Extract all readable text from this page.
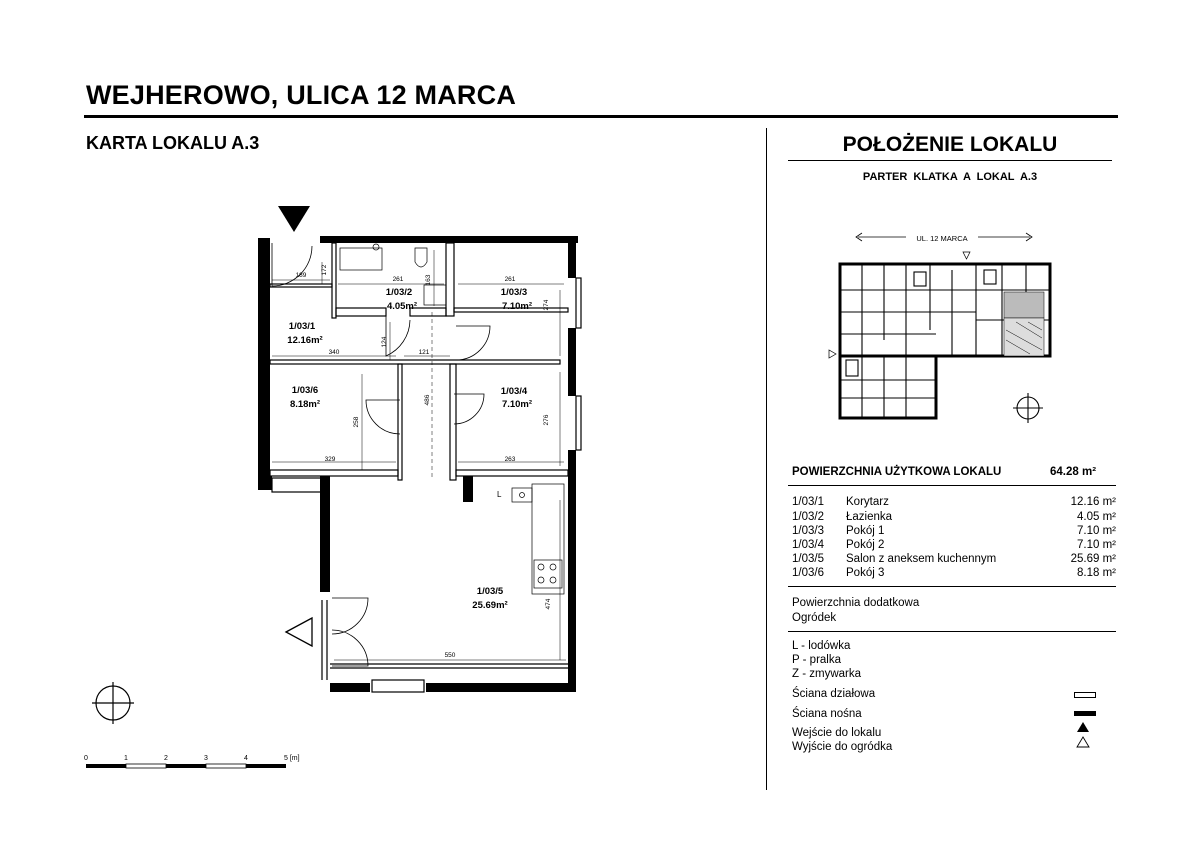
WEJHEROWO, ULICA 12 MARCA
KARTA LOKALU A.3	POŁOŻENIE LOKALU
PARTER KLATKA A LOKAL A.3
1/03/1
12.16m²
1/03/2
4.05m²
1/03/3
7.10m²
1/03/4
7.10m²
1/03/5
25.69m²
1/03/6
8.18m²
189
172
261	163	261
274
124
340	121
486
276
258
329	263
474
550
L
0	1	2	3	4	5 [m]
UL. 12 MARCA
POWIERZCHNIA UŻYTKOWA LOKALU	64.28 m²
1/03/1 Korytarz	12.16 m²
1/03/2 Łazienka	4.05 m²
1/03/3 Pokój 1	7.10 m²
1/03/4 Pokój 2	7.10 m²
1/03/5 Salon z aneksem kuchennym	25.69 m²
1/03/6 Pokój 3	8.18 m²
Powierzchnia dodatkowa
Ogródek
L - lodówka
P - pralka
Z - zmywarka
Ściana działowa
Ściana nośna
Wejście do lokalu
Wyjście do ogródka
